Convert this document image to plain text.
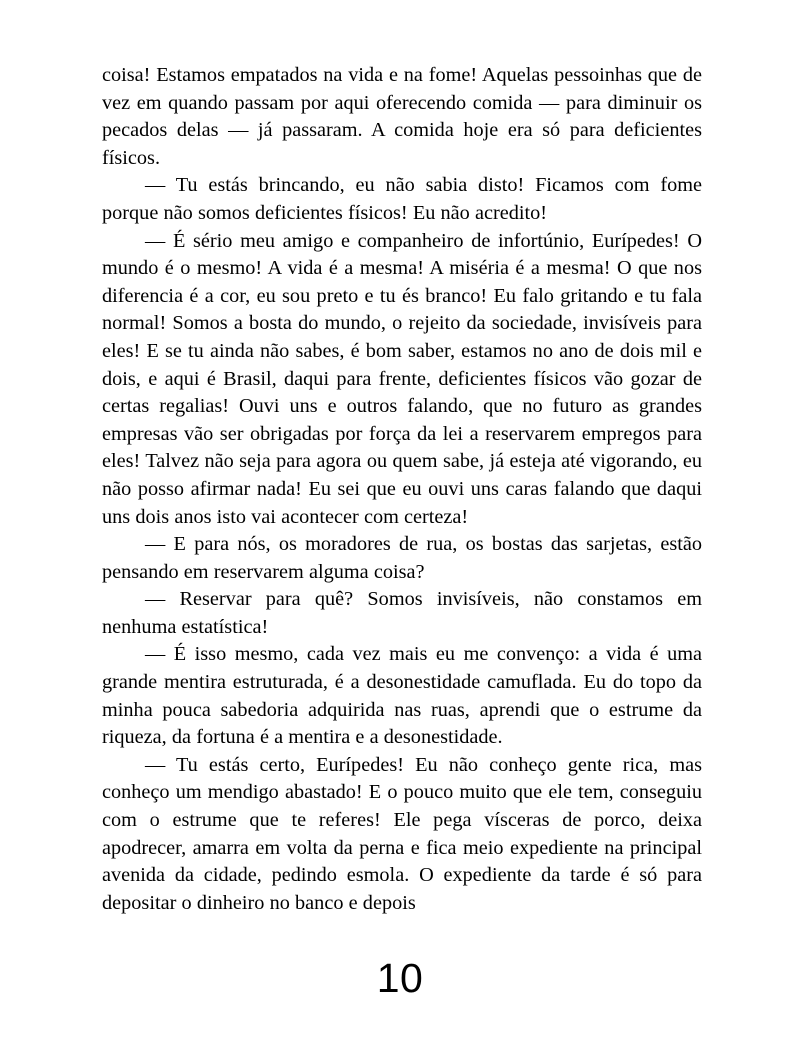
coisa! Estamos empatados na vida e na fome! Aquelas pessoinhas que de vez em quando passam por aqui oferecendo comida — para diminuir os pecados delas — já passaram. A comida hoje era só para deficientes físicos.

— Tu estás brincando, eu não sabia disto! Ficamos com fome porque não somos deficientes físicos! Eu não acredito!

— É sério meu amigo e companheiro de infortúnio, Eurípedes! O mundo é o mesmo! A vida é a mesma! A miséria é a mesma! O que nos diferencia é a cor, eu sou preto e tu és branco! Eu falo gritando e tu fala normal! Somos a bosta do mundo, o rejeito da sociedade, invisíveis para eles! E se tu ainda não sabes, é bom saber, estamos no ano de dois mil e dois, e aqui é Brasil, daqui para frente, deficientes físicos vão gozar de certas regalias! Ouvi uns e outros falando, que no futuro as grandes empresas vão ser obrigadas por força da lei a reservarem empregos para eles! Talvez não seja para agora ou quem sabe, já esteja até vigorando, eu não posso afirmar nada! Eu sei que eu ouvi uns caras falando que daqui uns dois anos isto vai acontecer com certeza!

— E para nós, os moradores de rua, os bostas das sarjetas, estão pensando em reservarem alguma coisa?

— Reservar para quê? Somos invisíveis, não constamos em nenhuma estatística!

— É isso mesmo, cada vez mais eu me convenço: a vida é uma grande mentira estruturada, é a desonestidade camuflada. Eu do topo da minha pouca sabedoria adquirida nas ruas, aprendi que o estrume da riqueza, da fortuna é a mentira e a desonestidade.

— Tu estás certo, Eurípedes! Eu não conheço gente rica, mas conheço um mendigo abastado! E o pouco muito que ele tem, conseguiu com o estrume que te referes! Ele pega vísceras de porco, deixa apodrecer, amarra em volta da perna e fica meio expediente na principal avenida da cidade, pedindo esmola. O expediente da tarde é só para depositar o dinheiro no banco e depois

10
